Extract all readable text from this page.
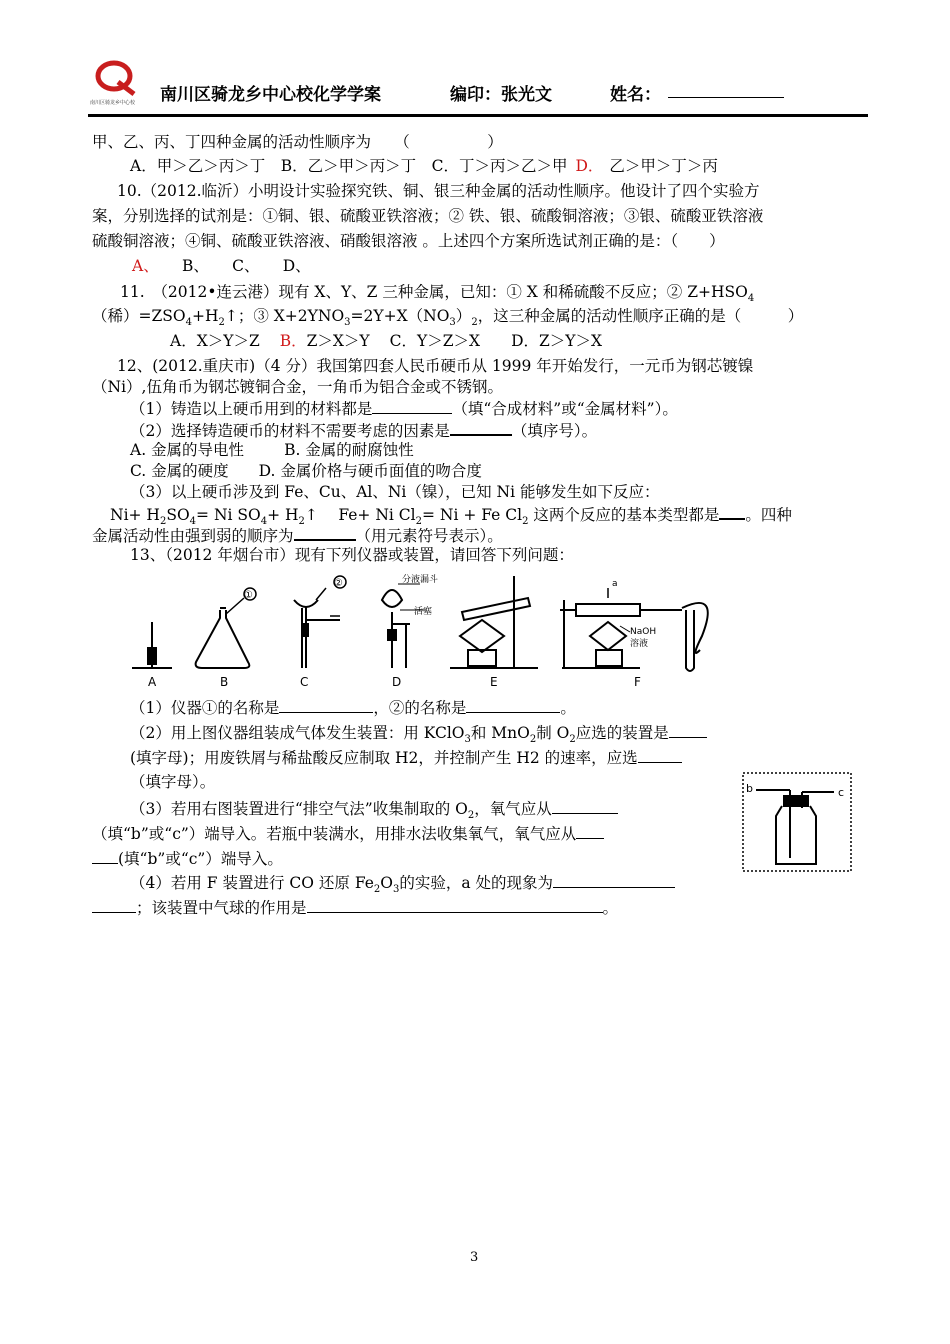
南川区骑龙乡中心校 南川区骑龙乡中心校化学学案	编印：张光文	姓名：
甲、乙、丙、丁四种金属的活动性顺序为　　（　　　　　）
A．甲＞乙＞丙＞丁　B．乙＞甲＞丙＞丁　C．丁＞丙＞乙＞甲 D． 乙＞甲＞丁＞丙
10.（2012.临沂）小明设计实验探究铁、铜、银三种金属的活动性顺序。他设计了四个实验方
案，分别选择的试剂是：①铜、银、硫酸亚铁溶液；② 铁、银、硫酸铜溶液；③银、硫酸亚铁溶液
硫酸铜溶液；④铜、硫酸亚铁溶液、硝酸银溶液 。上述四个方案所选试剂正确的是：（　　）
A、　　B、　　C、　　D、
11.　（2012•连云港）现有 X、Y、Z 三种金属，已知：① X 和稀硫酸不反应；② $Z+HSO_4$
（稀）$=ZSO_4+H_2↑$；③ $X+2YNO_3=2Y+X(NO_3)_2$，这三种金属的活动性顺序正确的是（　　　）
A．X＞Y＞Z B．Z＞X＞Y C．Y＞Z＞X　　D．Z＞Y＞X
12、(2012.重庆市)（4 分）我国第四套人民币硬币从 1999 年开始发行，一元币为钢芯镀镍
（Ni）,伍角币为钢芯镀铜合金，一角币为铝合金或不锈钢。
（1）铸造以上硬币用到的材料都是	（填“合成材料”或“金属材料”）。
（2）选择铸造硬币的材料不需要考虑的因素是	（填序号）。
A. 金属的导电性	B. 金属的耐腐蚀性
C. 金属的硬度 D. 金属价格与硬币面值的吻合度
（3）以上硬币涉及到 Fe、Cu、Al、Ni（镍），已知 Ni 能够发生如下反应：
$Ni+ H_2SO_4= Ni$ $SO_4+$ $H_2↑$　 Fe+ Ni $Cl_2= Ni + Fe$ $Cl_2$ 这两个反应的基本类型都是 。四种
金属活动性由强到弱的顺序为	（用元素符号表示）。
13、（2012 年烟台市）现有下列仪器或装置，请回答下列问题：
A	B	C	D	E	F
①
②	分液漏斗
活塞
a
NaOH
溶液
（1）仪器①的名称是	，②的名称是	。
（2）用上图仪器组装成气体发生装置：用 KClO$_3$和 MnO$_2$制 $O_2$应选的装置是
(填字母)；用废铁屑与稀盐酸反应制取 H2，并控制产生 H2 的速率，应选
（填字母）。
（3）若用右图装置进行“排空气法”收集制取的 $O_2$，氧气应从
（填“b”或“c”）端导入。若瓶中装满水，用排水法收集氧气，氧气应从
(填“b”或“c”）端导入。
b	c
（4）若用 F 装置进行 CO 还原 $Fe_2O_3$的实验，a 处的现象为
；该装置中气球的作用是	。
3
